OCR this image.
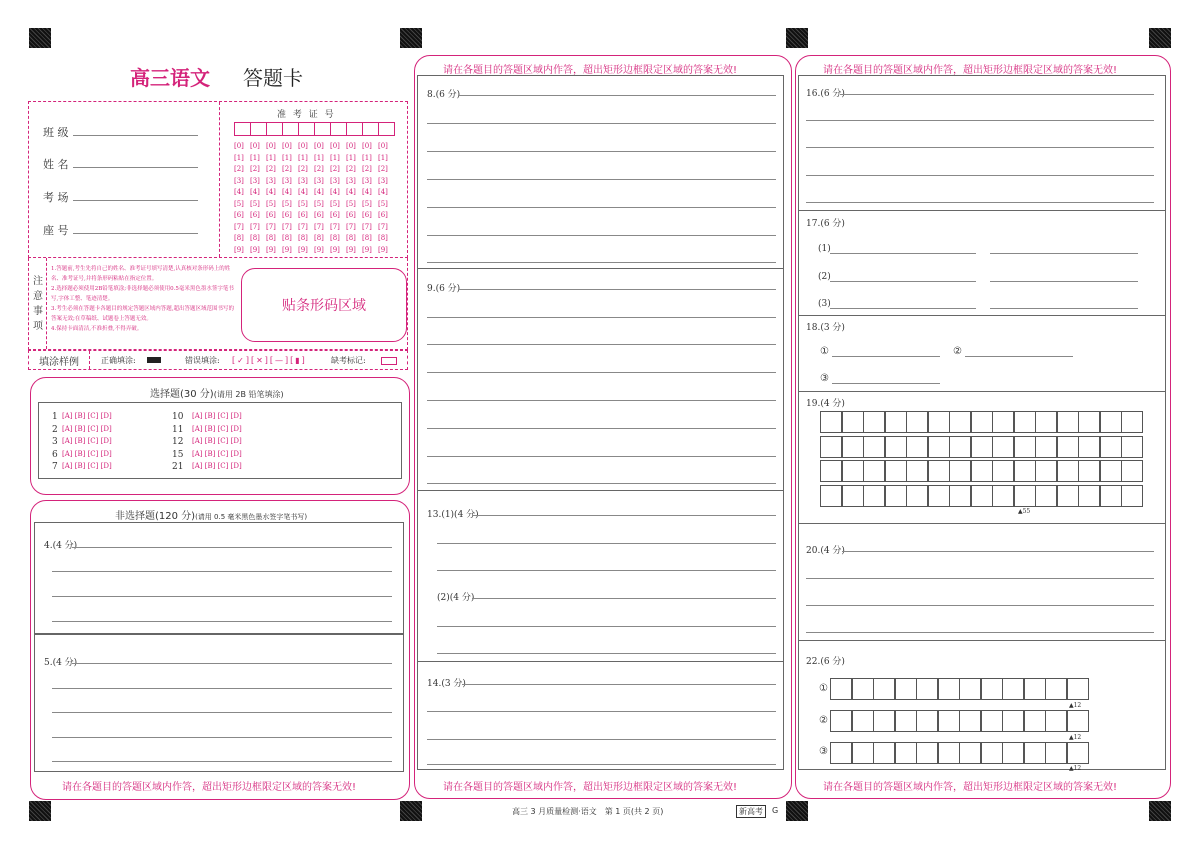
高三语文 答题卡
班 级
姓 名
考 场
座 号
准 考 证 号
[0] [0] [0] [0] [0] [0] [0] [0] [0] [0]
[1] [1] [1] [1] [1] [1] [1] [1] [1] [1]
[2] [2] [2] [2] [2] [2] [2] [2] [2] [2]
[3] [3] [3] [3] [3] [3] [3] [3] [3] [3]
[4] [4] [4] [4] [4] [4] [4] [4] [4] [4]
[5] [5] [5] [5] [5] [5] [5] [5] [5] [5]
[6] [6] [6] [6] [6] [6] [6] [6] [6] [6]
[7] [7] [7] [7] [7] [7] [7] [7] [7] [7]
[8] [8] [8] [8] [8] [8] [8] [8] [8] [8]
[9] [9] [9] [9] [9] [9] [9] [9] [9] [9]
注
意
事
项
1.答题前,考生先将自己的姓名、准考证号填写清楚,认真核对条形码上的姓名、准考证号,并将条形码粘贴在指定位置。
2.选择题必须使用2B铅笔填涂;非选择题必须使用0.5毫米黑色墨水签字笔书写,字体工整、笔迹清楚。
3.考生必须在答题卡各题目的规定答题区域内答题,超出答题区域范围书写的答案无效;在草稿纸、试题卷上答题无效。
4.保持卡面清洁,不准折叠,不得弄破。
贴条形码区域
填涂样例	正确填涂:	错误填涂: [✓][✕][—][▮]	缺考标记:
选择题(30 分)(请用 2B 铅笔填涂)
1 [A] [B] [C] [D]	10 [A] [B] [C] [D]
2 [A] [B] [C] [D]	11 [A] [B] [C] [D]
3 [A] [B] [C] [D]	12 [A] [B] [C] [D]
6 [A] [B] [C] [D]	15 [A] [B] [C] [D]
7 [A] [B] [C] [D]	21 [A] [B] [C] [D]
非选择题(120 分)(请用 0.5 毫米黑色墨水签字笔书写)
4.(4 分)
5.(4 分)
请在各题目的答题区域内作答，超出矩形边框限定区域的答案无效!
请在各题目的答题区域内作答，超出矩形边框限定区域的答案无效!
8.(6 分)
9.(6 分)
13.(1)(4 分)
(2)(4 分)
14.(3 分)
请在各题目的答题区域内作答，超出矩形边框限定区域的答案无效!
请在各题目的答题区域内作答，超出矩形边框限定区域的答案无效!
16.(6 分)
17.(6 分)
(1)
(2)
(3)
18.(3 分)
①	②
③
19.(4 分)
▲55
20.(4 分)
22.(6 分)
①
②
③
▲12
▲12
▲12
请在各题目的答题区域内作答，超出矩形边框限定区域的答案无效!
高三 3 月质量检测·语文　第 1 页(共 2 页)	新高考	G
